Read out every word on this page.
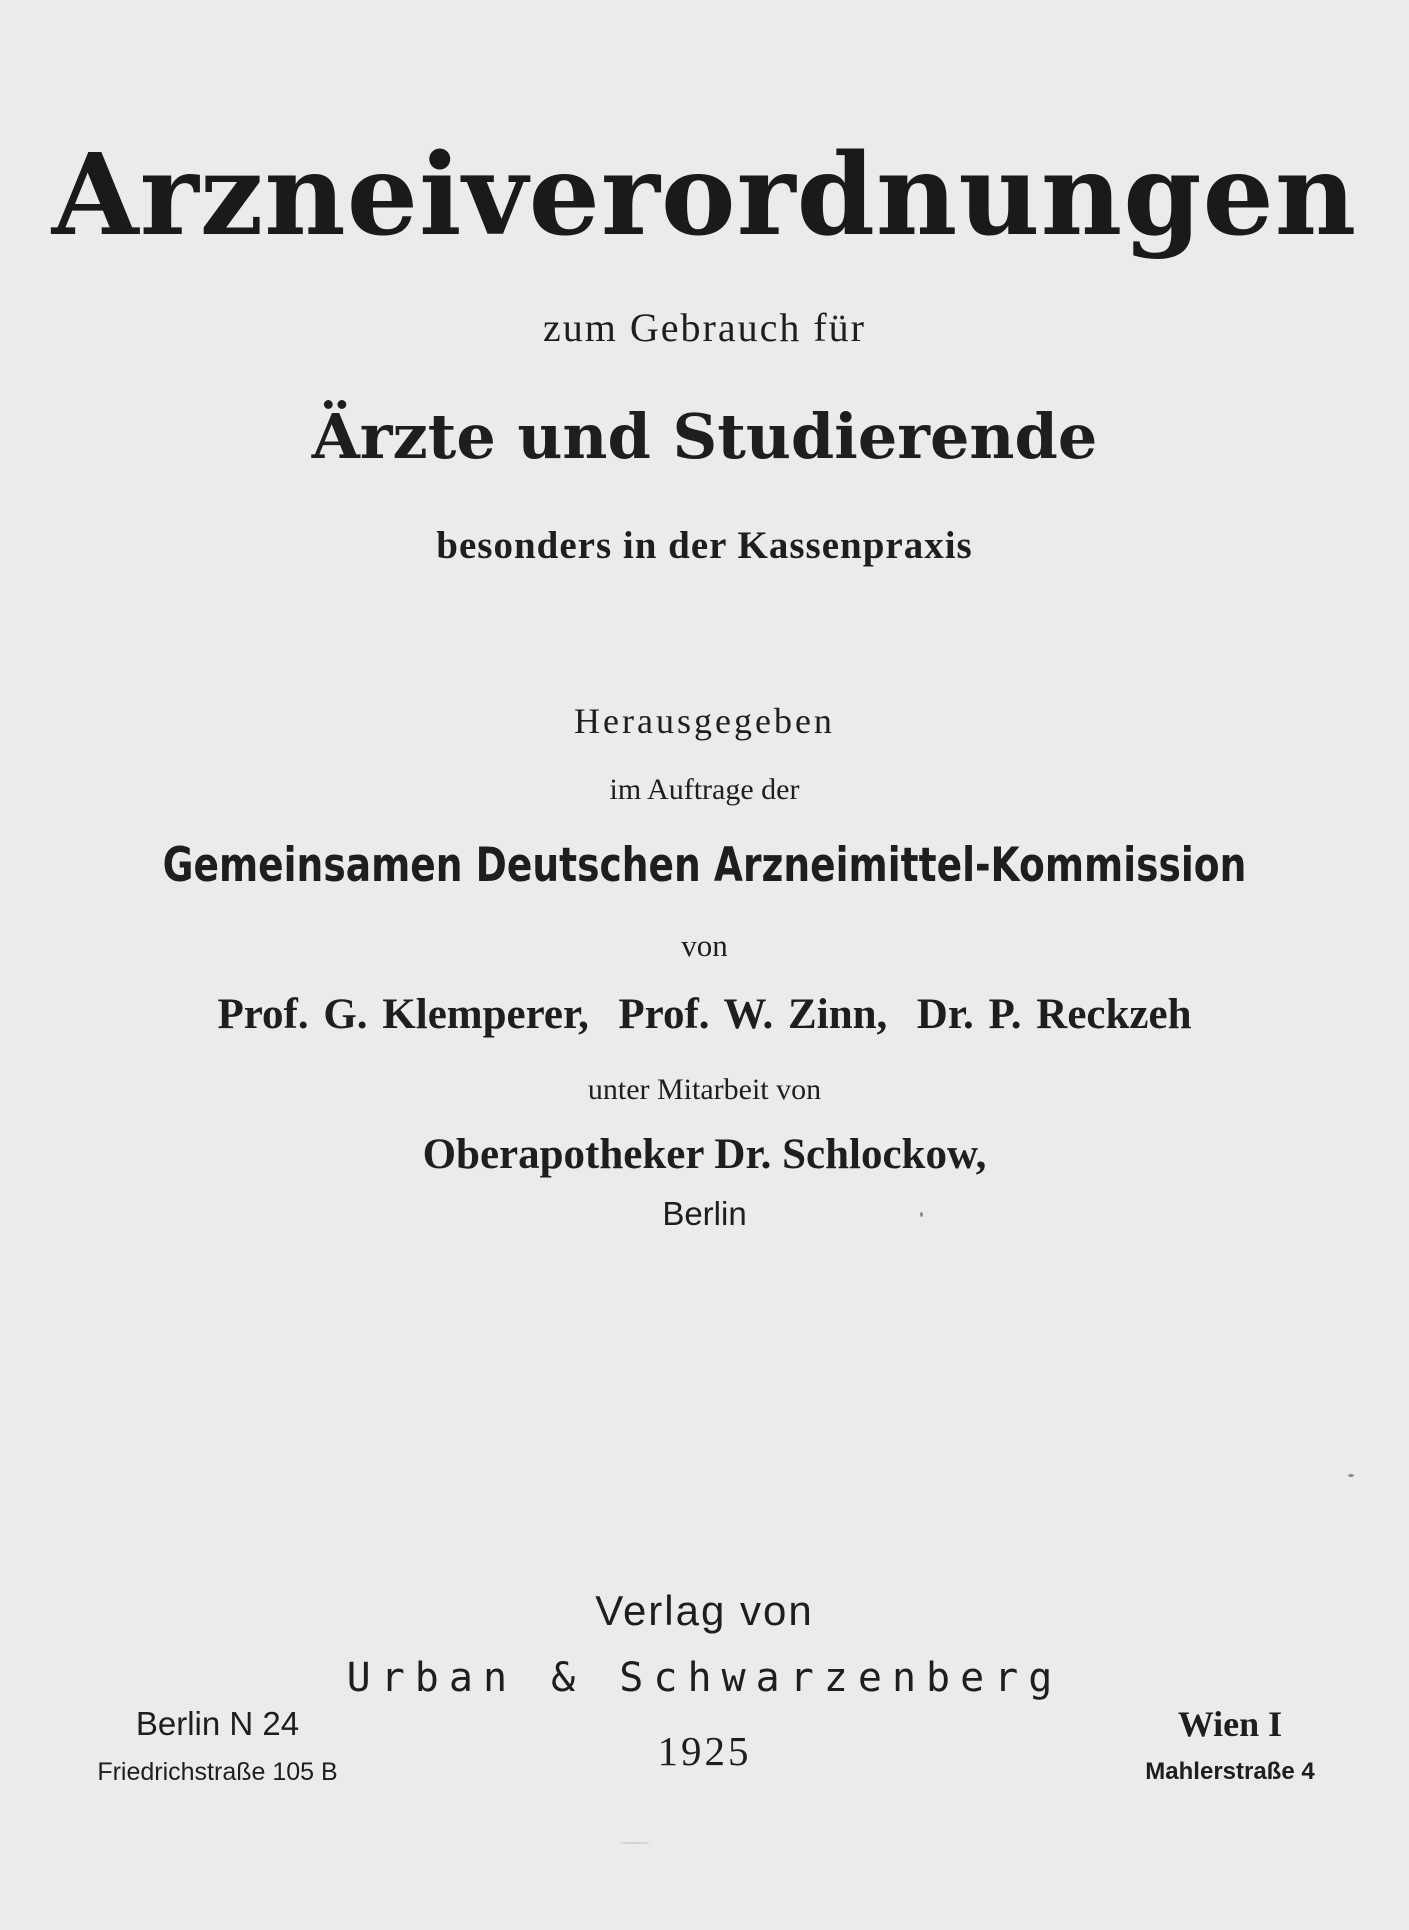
Arzneiverordnungen
zum Gebrauch für
Ärzte und Studierende
besonders in der Kassenpraxis
Herausgegeben
im Auftrage der
Gemeinsamen Deutschen Arzneimittel-Kommission
von
Prof. G. Klemperer,  Prof. W. Zinn,  Dr. P. Reckzeh
unter Mitarbeit von
Oberapotheker Dr. Schlockow,
Berlin
Verlag von
Urban & Schwarzenberg
1925
Berlin N 24
Friedrichstraße 105 B
Wien I
Mahlerstraße 4
